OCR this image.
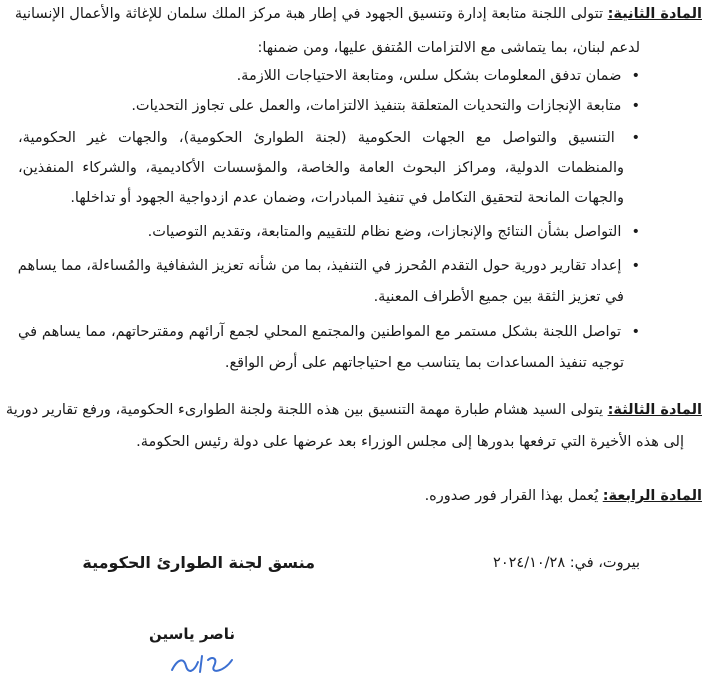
المادة الثانية: تتولى اللجنة متابعة إدارة وتنسيق الجهود في إطار هبة مركز الملك سلمان للإغاثة والأعمال الإنسانية
لدعم لبنان، بما يتماشى مع الالتزامات المُتفق عليها، ومن ضمنها:
• ضمان تدفق المعلومات بشكل سلس، ومتابعة الاحتياجات اللازمة.
• متابعة الإنجازات والتحديات المتعلقة بتنفيذ الالتزامات، والعمل على تجاوز التحديات.
• التنسيق والتواصل مع الجهات الحكومية (لجنة الطوارئ الحكومية)، والجهات غير الحكومية،
والمنظمات الدولية، ومراكز البحوث العامة والخاصة، والمؤسسات الأكاديمية، والشركاء المنفذين،
والجهات المانحة لتحقيق التكامل في تنفيذ المبادرات، وضمان عدم ازدواجية الجهود أو تداخلها.
• التواصل بشأن النتائج والإنجازات، وضع نظام للتقييم والمتابعة، وتقديم التوصيات.
• إعداد تقارير دورية حول التقدم المُحرز في التنفيذ، بما من شأنه تعزيز الشفافية والمُساءلة، مما يساهم
في تعزيز الثقة بين جميع الأطراف المعنية.
• تواصل اللجنة بشكل مستمر مع المواطنين والمجتمع المحلي لجمع آرائهم ومقترحاتهم، مما يساهم في
توجيه تنفيذ المساعدات بما يتناسب مع احتياجاتهم على أرض الواقع.
المادة الثالثة: يتولى السيد هشام طبارة مهمة التنسيق بين هذه اللجنة ولجنة الطوارىء الحكومية، ورفع تقارير دورية
إلى هذه الأخيرة التي ترفعها بدورها إلى مجلس الوزراء بعد عرضها على دولة رئيس الحكومة.
المادة الرابعة: يُعمل بهذا القرار فور صدوره.
بيروت، في: ٢٠٢٤/١٠/٢٨
منسق لجنة الطوارئ الحكومية
ناصر ياسين
